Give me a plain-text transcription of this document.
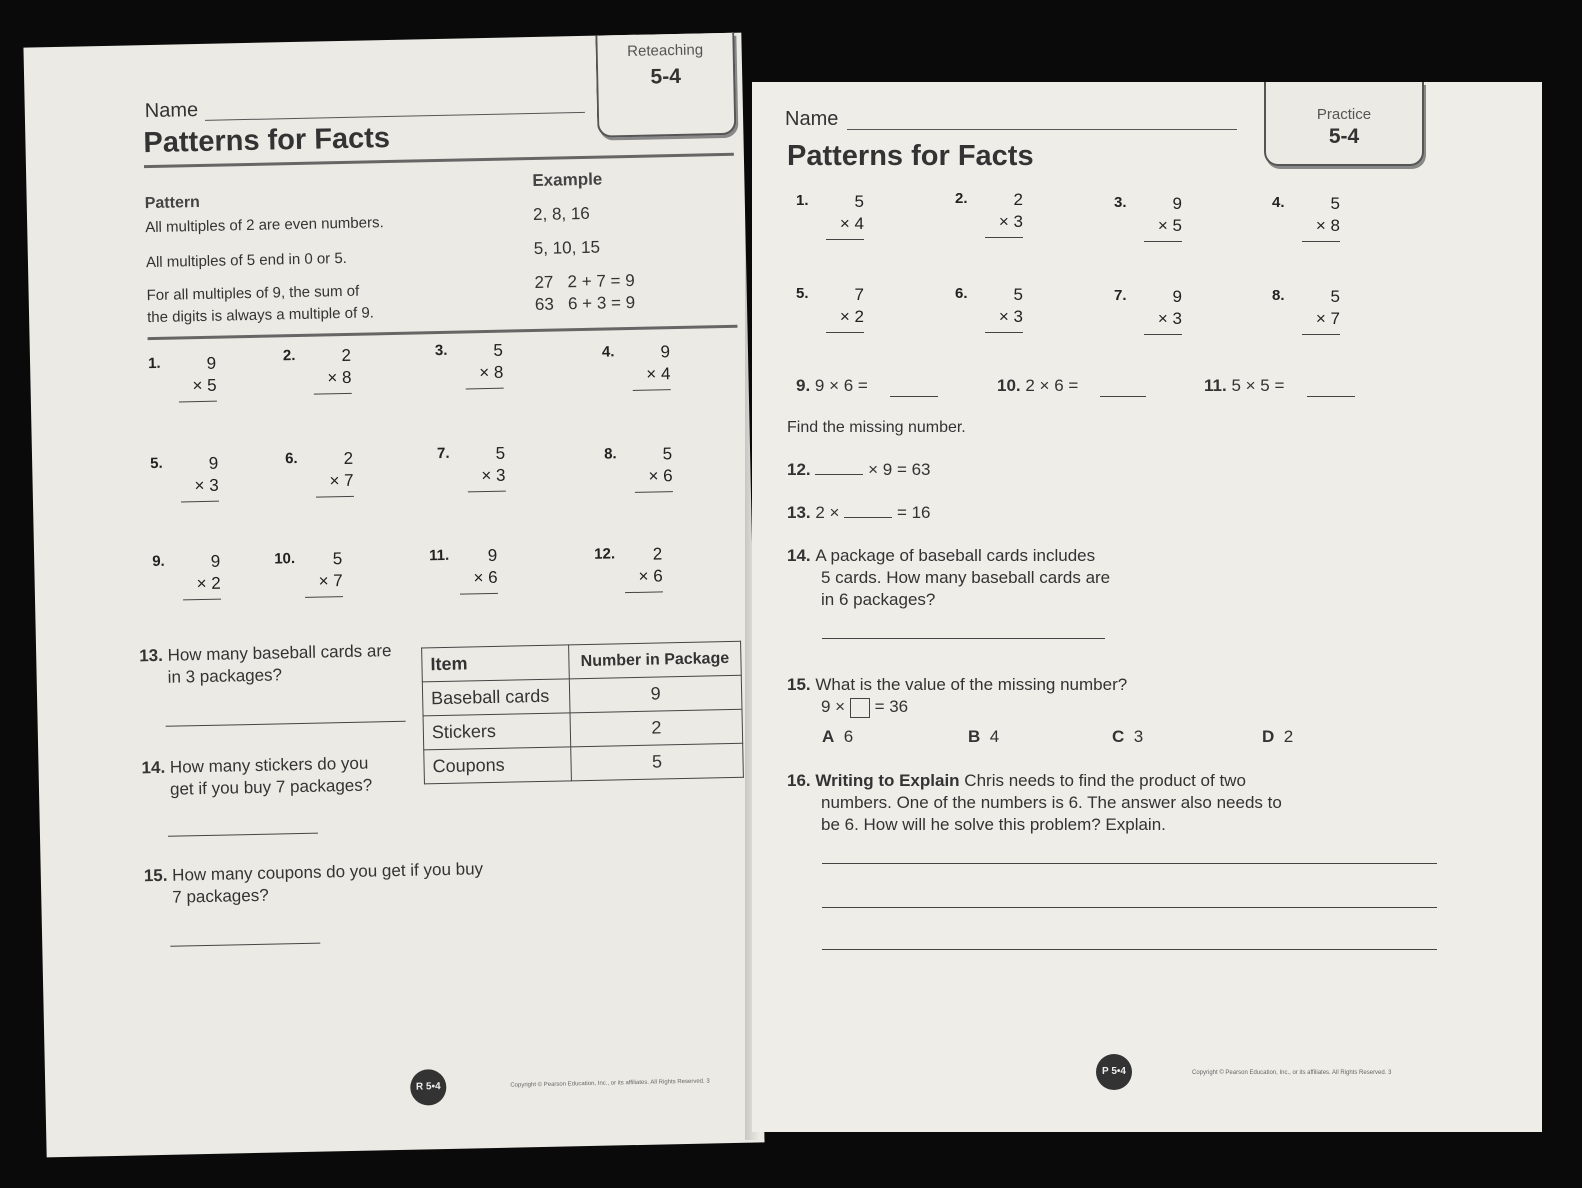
Name
Patterns for Facts
Reteaching
5-4
Pattern
Example
All multiples of 2 are even numbers.
2, 8, 16
All multiples of 5 end in 0 or 5.
5, 10, 15
For all multiples of 9, the sum of
the digits is always a multiple of 9.
27   2 + 7 = 9
63   6 + 3 = 9
1.	9
× 5
2.	2
× 8
3.	5
× 8
4.	9
× 4
5.	9
× 3
6.	2
× 7
7.	5
× 3
8.	5
× 6
9.	9
× 2
10.	5
× 7
11.	9
× 6
12.	2
× 6
13. How many baseball cards are
in 3 packages?
14. How many stickers do you
get if you buy 7 packages?
15. How many coupons do you get if you buy
7 packages?
Item	Number in Package
Baseball cards	9
Stickers	2
Coupons	5
R 5•4	Copyright © Pearson Education, Inc., or its affiliates. All Rights Reserved. 3
Name
Patterns for Facts
Practice
5-4
1.	5
× 4
2.	2
× 3
3.	9
× 5
4.	5
× 8
5.	7
× 2
6.	5
× 3
7.	9
× 3
8.	5
× 7
9. 9 × 6 =	10. 2 × 6 =	11. 5 × 5 =
Find the missing number.
12.	× 9 = 63
13. 2 ×	= 16
14. A package of baseball cards includes
5 cards. How many baseball cards are
in 6 packages?
15. What is the value of the missing number?
9 × = 36
A 6	B 4	C 3	D 2
16. Writing to Explain Chris needs to find the product of two
numbers. One of the numbers is 6. The answer also needs to
be 6. How will he solve this problem? Explain.
P 5•4	Copyright © Pearson Education, Inc., or its affiliates. All Rights Reserved. 3
